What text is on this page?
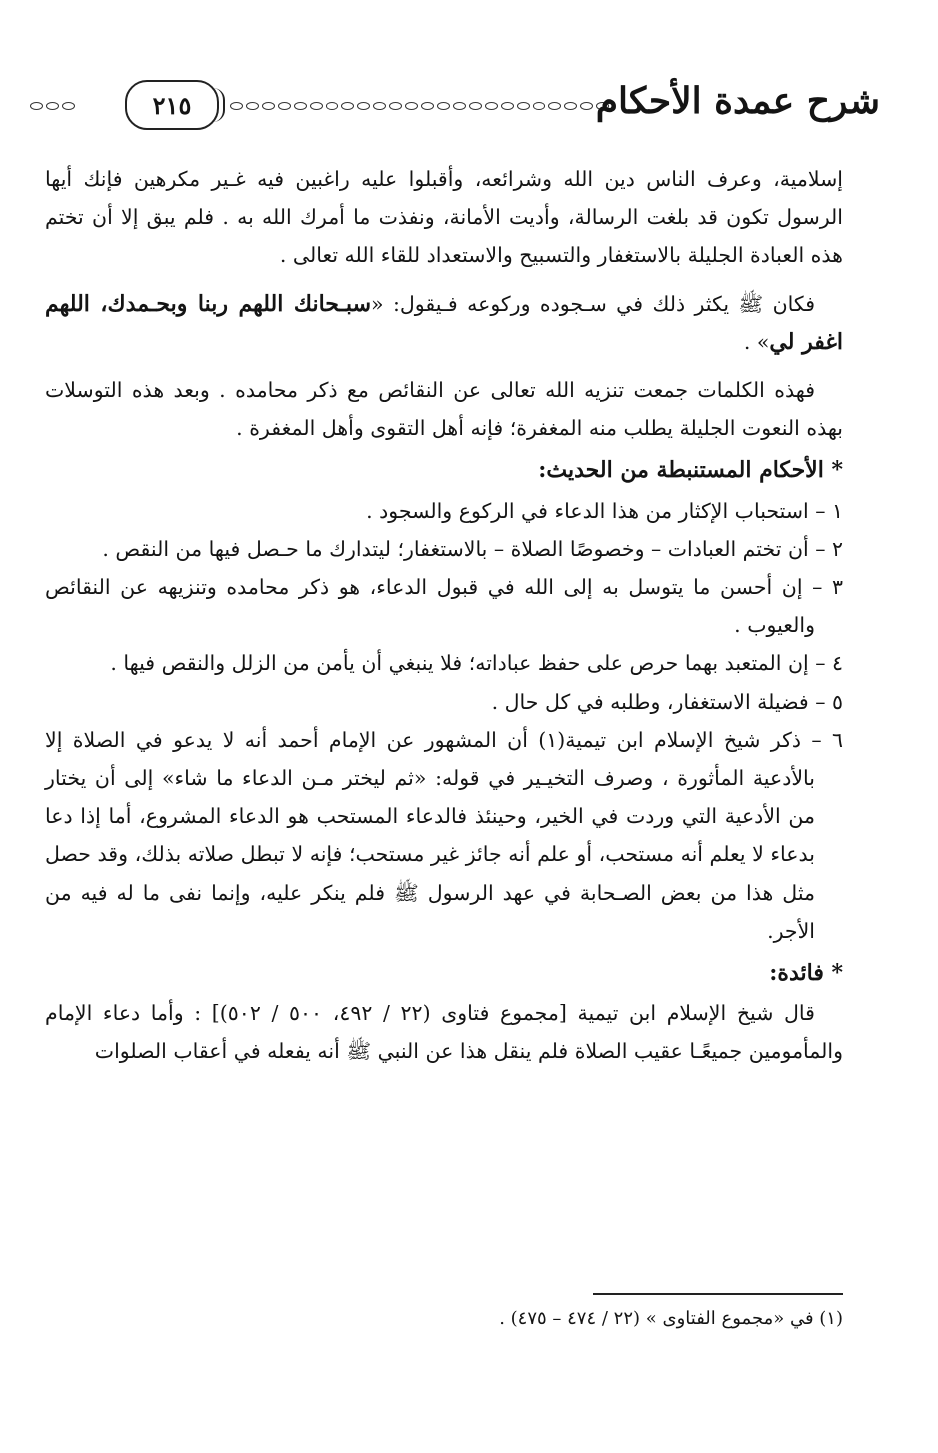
٢١٥	شرح عمدة الأحكام

إسلامية، وعرف الناس دين الله وشرائعه، وأقبلوا عليه راغبين فيه غـير مكرهين فإنك أيها الرسول تكون قد بلغت الرسالة، وأديت الأمانة، ونفذت ما أمرك الله به . فلم يبق إلا أن تختم هذه العبادة الجليلة بالاستغفار والتسبيح والاستعداد للقاء الله تعالى .

فكان ﷺ يكثر ذلك في سـجوده وركوعه فـيقول: «سبـحانك اللهم ربنا وبحـمدك، اللهم اغفر لي» .

فهذه الكلمات جمعت تنزيه الله تعالى عن النقائص مع ذكر محامده . وبعد هذه التوسلات بهذه النعوت الجليلة يطلب منه المغفرة؛ فإنه أهل التقوى وأهل المغفرة .

* الأحكام المستنبطة من الحديث:

١ – استحباب الإكثار من هذا الدعاء في الركوع والسجود .

٢ – أن تختم العبادات – وخصوصًا الصلاة – بالاستغفار؛ ليتدارك ما حـصل فيها من النقص .

٣ – إن أحسن ما يتوسل به إلى الله في قبول الدعاء، هو ذكر محامده وتنزيهه عن النقائص والعيوب .

٤ – إن المتعبد بهما حرص على حفظ عباداته؛ فلا ينبغي أن يأمن من الزلل والنقص فيها .

٥ – فضيلة الاستغفار، وطلبه في كل حال .

٦ – ذكر شيخ الإسلام ابن تيمية(١) أن المشهور عن الإمام أحمد أنه لا يدعو في الصلاة إلا بالأدعية المأثورة ، وصرف التخيـير في قوله: «ثم ليختر مـن الدعاء ما شاء» إلى أن يختار من الأدعية التي وردت في الخير، وحينئذ فالدعاء المستحب هو الدعاء المشروع، أما إذا دعا بدعاء لا يعلم أنه مستحب، أو علم أنه جائز غير مستحب؛ فإنه لا تبطل صلاته بذلك، وقد حصل مثل هذا من بعض الصـحابة في عهد الرسول ﷺ فلم ينكر عليه، وإنما نفى ما له فيه من الأجر.

* فائدة:

قال شيخ الإسلام ابن تيمية [مجموع فتاوى (٢٢ / ٤٩٢، ٥٠٠ / ٥٠٢)] : وأما دعاء الإمام والمأمومين جميعًـا عقيب الصلاة فلم ينقل هذا عن النبي ﷺ أنه يفعله في أعقاب الصلوات

(١) في «مجموع الفتاوى » (٢٢ / ٤٧٤ – ٤٧٥) .
